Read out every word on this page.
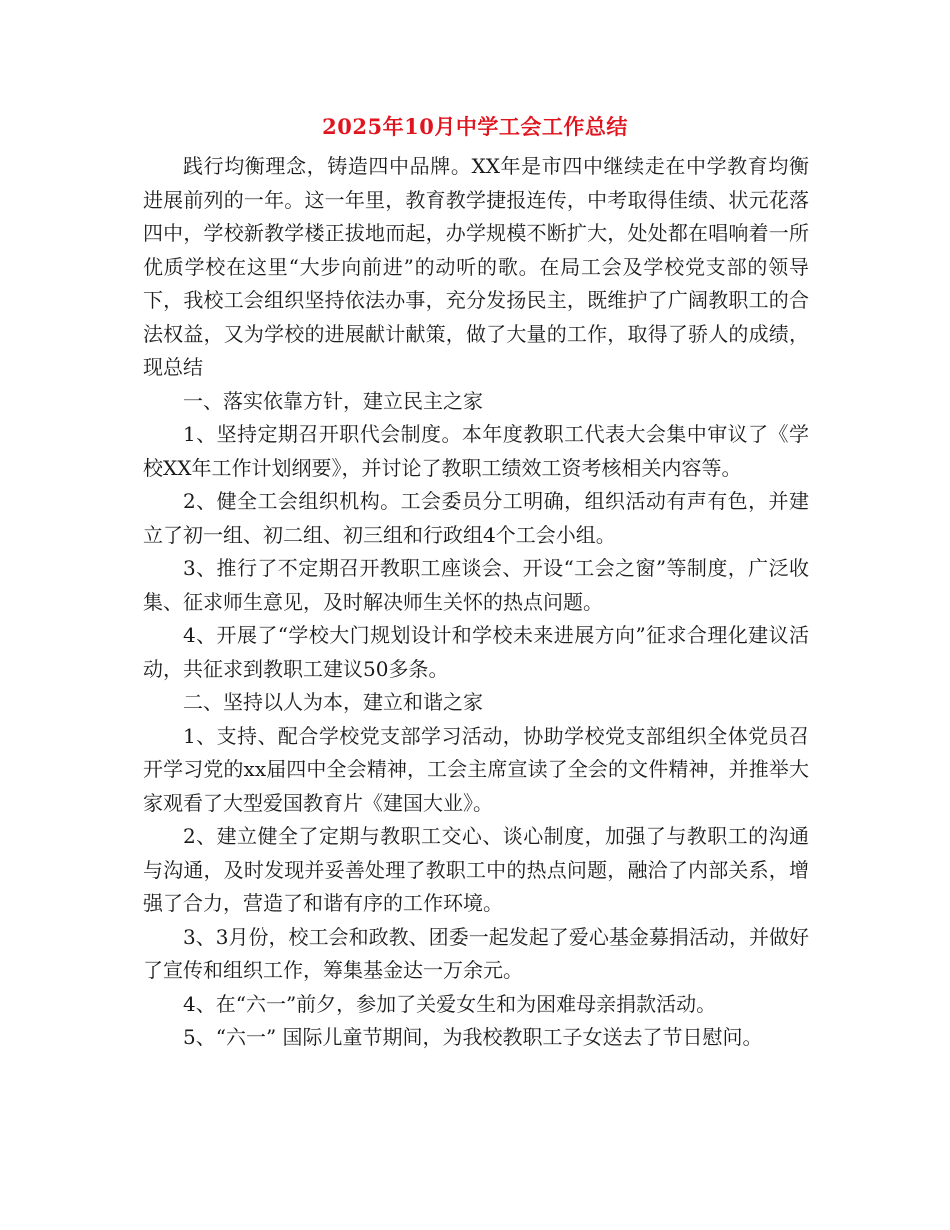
2025年10月中学工会工作总结

践行均衡理念，铸造四中品牌。XX年是市四中继续走在中学教育均衡进展前列的一年。这一年里，教育教学捷报连传，中考取得佳绩、状元花落四中，学校新教学楼正拔地而起，办学规模不断扩大，处处都在唱响着一所优质学校在这里“大步向前进”的动听的歌。在局工会及学校党支部的领导下，我校工会组织坚持依法办事，充分发扬民主，既维护了广阔教职工的合法权益，又为学校的进展献计献策，做了大量的工作，取得了骄人的成绩，现总结

一、落实依靠方针，建立民主之家

1、坚持定期召开职代会制度。本年度教职工代表大会集中审议了《学校XX年工作计划纲要》，并讨论了教职工绩效工资考核相关内容等。

2、健全工会组织机构。工会委员分工明确，组织活动有声有色，并建立了初一组、初二组、初三组和行政组4个工会小组。

3、推行了不定期召开教职工座谈会、开设“工会之窗”等制度，广泛收集、征求师生意见，及时解决师生关怀的热点问题。

4、开展了“学校大门规划设计和学校未来进展方向”征求合理化建议活动，共征求到教职工建议50多条。

二、坚持以人为本，建立和谐之家

1、支持、配合学校党支部学习活动，协助学校党支部组织全体党员召开学习党的xx届四中全会精神，工会主席宣读了全会的文件精神，并推举大家观看了大型爱国教育片《建国大业》。

2、建立健全了定期与教职工交心、谈心制度，加强了与教职工的沟通与沟通，及时发现并妥善处理了教职工中的热点问题，融洽了内部关系，增强了合力，营造了和谐有序的工作环境。

3、3月份，校工会和政教、团委一起发起了爱心基金募捐活动，并做好了宣传和组织工作，筹集基金达一万余元。

4、在“六一”前夕，参加了关爱女生和为困难母亲捐款活动。

5、“六一” 国际儿童节期间，为我校教职工子女送去了节日慰问。
